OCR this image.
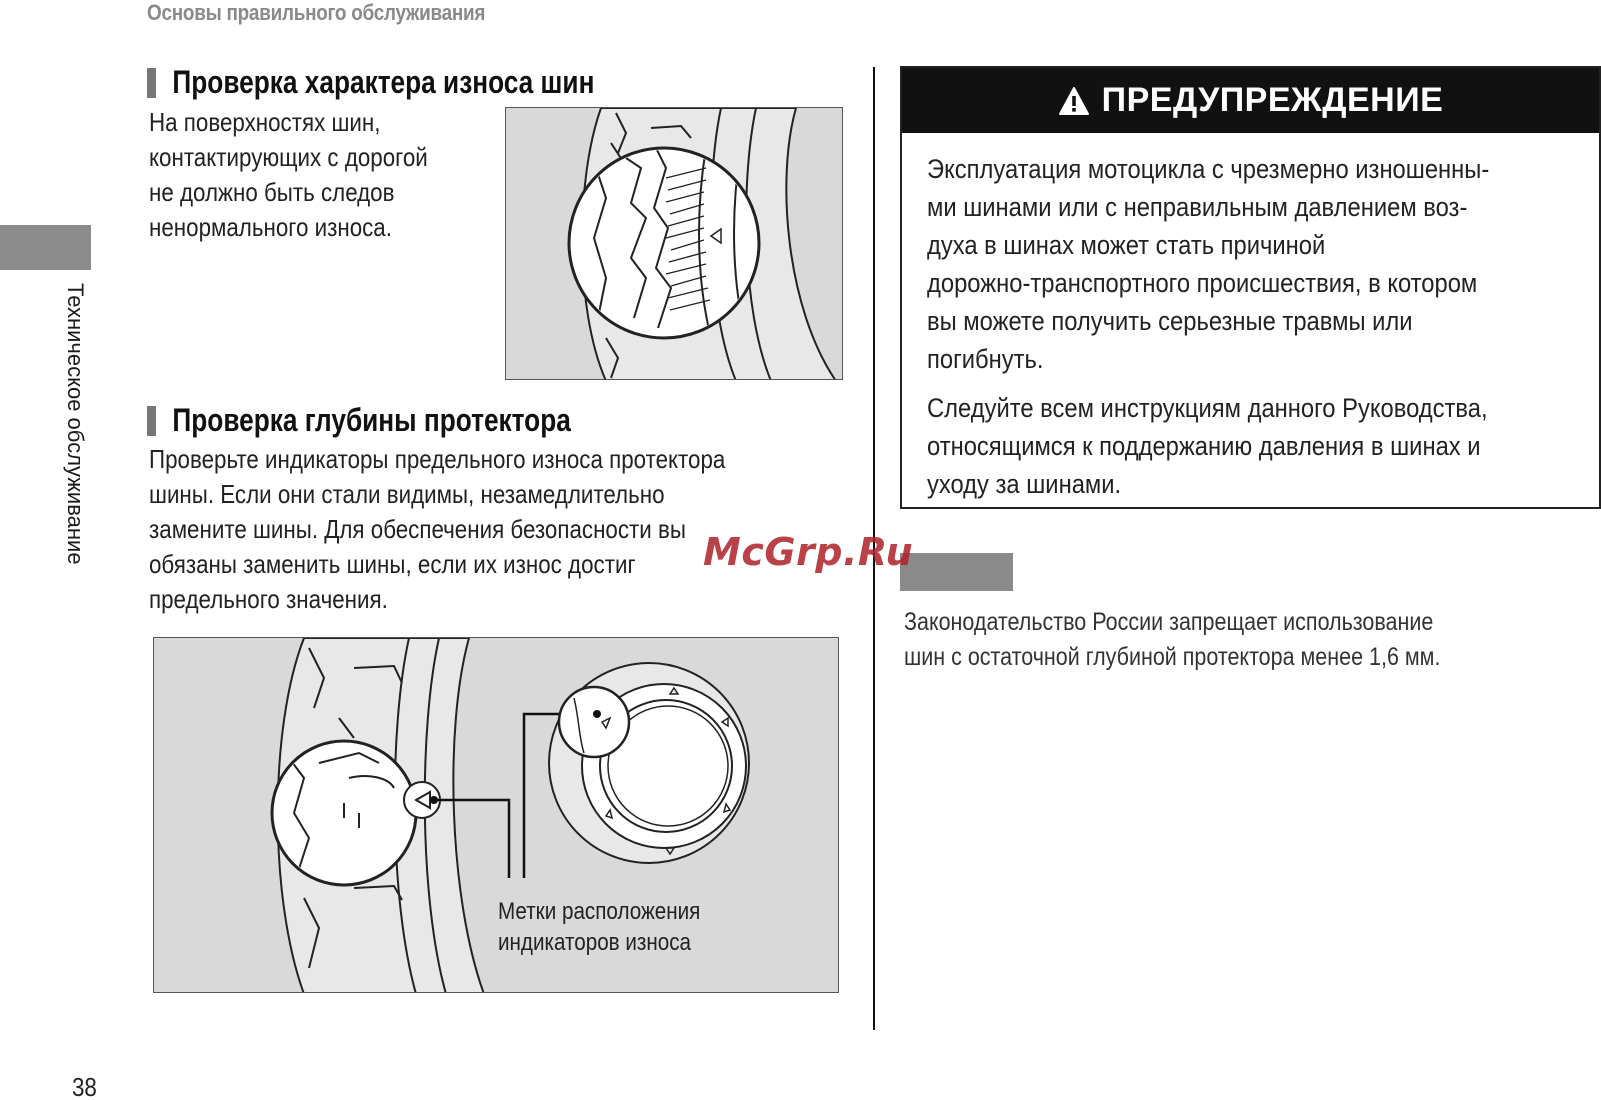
Основы правильного обслуживания
Техническое обслуживание
Проверка характера износа шин
На поверхностях шин,
контактирующих с дорогой
не должно быть следов
ненормального износа.
Проверка глубины протектора
Проверьте индикаторы предельного износа протектора
шины. Если они стали видимы, незамедлительно
замените шины. Для обеспечения безопасности вы
обязаны заменить шины, если их износ достиг
предельного значения.
Метки расположения
индикаторов износа
ПРЕДУПРЕЖДЕНИЕ
Эксплуатация мотоцикла с чрезмерно изношенны-
ми шинами или с неправильным давлением воз-
духа в шинах может стать причиной
дорожно-транспортного происшествия, в котором
вы можете получить серьезные травмы или
погибнуть.
Следуйте всем инструкциям данного Руководства,
относящимся к поддержанию давления в шинах и
уходу за шинами.
Законодательство России запрещает использование
шин с остаточной глубиной протектора менее 1,6 мм.
McGrp.Ru
38
